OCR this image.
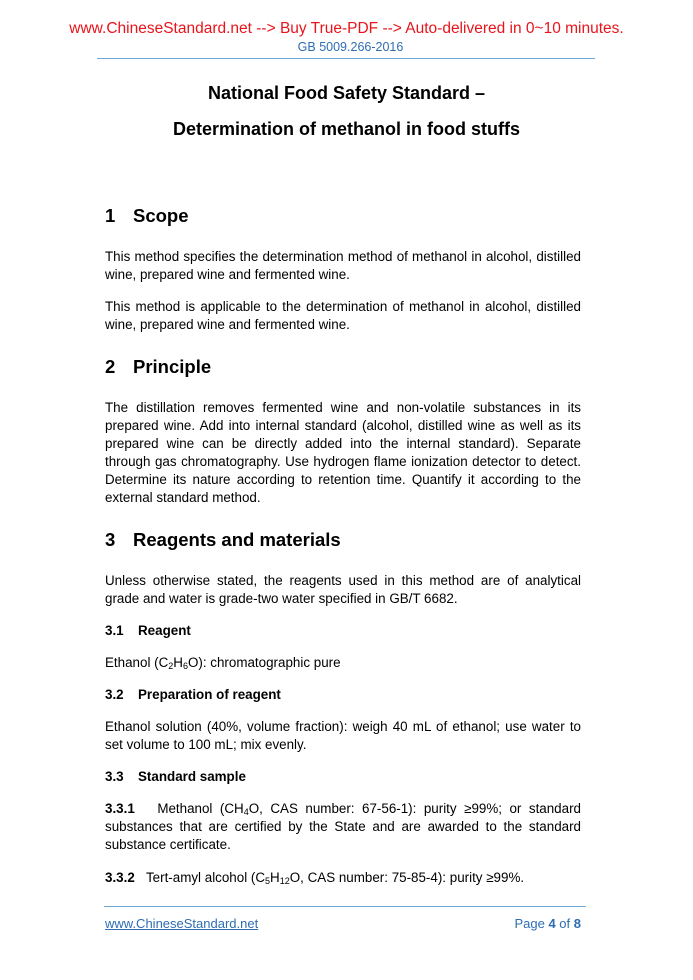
www.ChineseStandard.net --> Buy True-PDF --> Auto-delivered in 0~10 minutes.
GB 5009.266-2016
National Food Safety Standard –
Determination of methanol in food stuffs
1 Scope
This method specifies the determination method of methanol in alcohol, distilled wine, prepared wine and fermented wine.
This method is applicable to the determination of methanol in alcohol, distilled wine, prepared wine and fermented wine.
2 Principle
The distillation removes fermented wine and non-volatile substances in its prepared wine. Add into internal standard (alcohol, distilled wine as well as its prepared wine can be directly added into the internal standard). Separate through gas chromatography. Use hydrogen flame ionization detector to detect. Determine its nature according to retention time. Quantify it according to the external standard method.
3 Reagents and materials
Unless otherwise stated, the reagents used in this method are of analytical grade and water is grade-two water specified in GB/T 6682.
3.1 Reagent
Ethanol $(C_2H_6O)$: chromatographic pure
3.2 Preparation of reagent
Ethanol solution (40%, volume fraction): weigh 40 mL of ethanol; use water to set volume to 100 mL; mix evenly.
3.3 Standard sample
3.3.1 Methanol ($CH_4O$, CAS number: 67-56-1): purity ≥99%; or standard substances that are certified by the State and are awarded to the standard substance certificate.
3.3.2 Tert-amyl alcohol ($C_5H_{12}O$, CAS number: 75-85-4): purity ≥99%.
www.ChineseStandard.net	Page 4 of 8
